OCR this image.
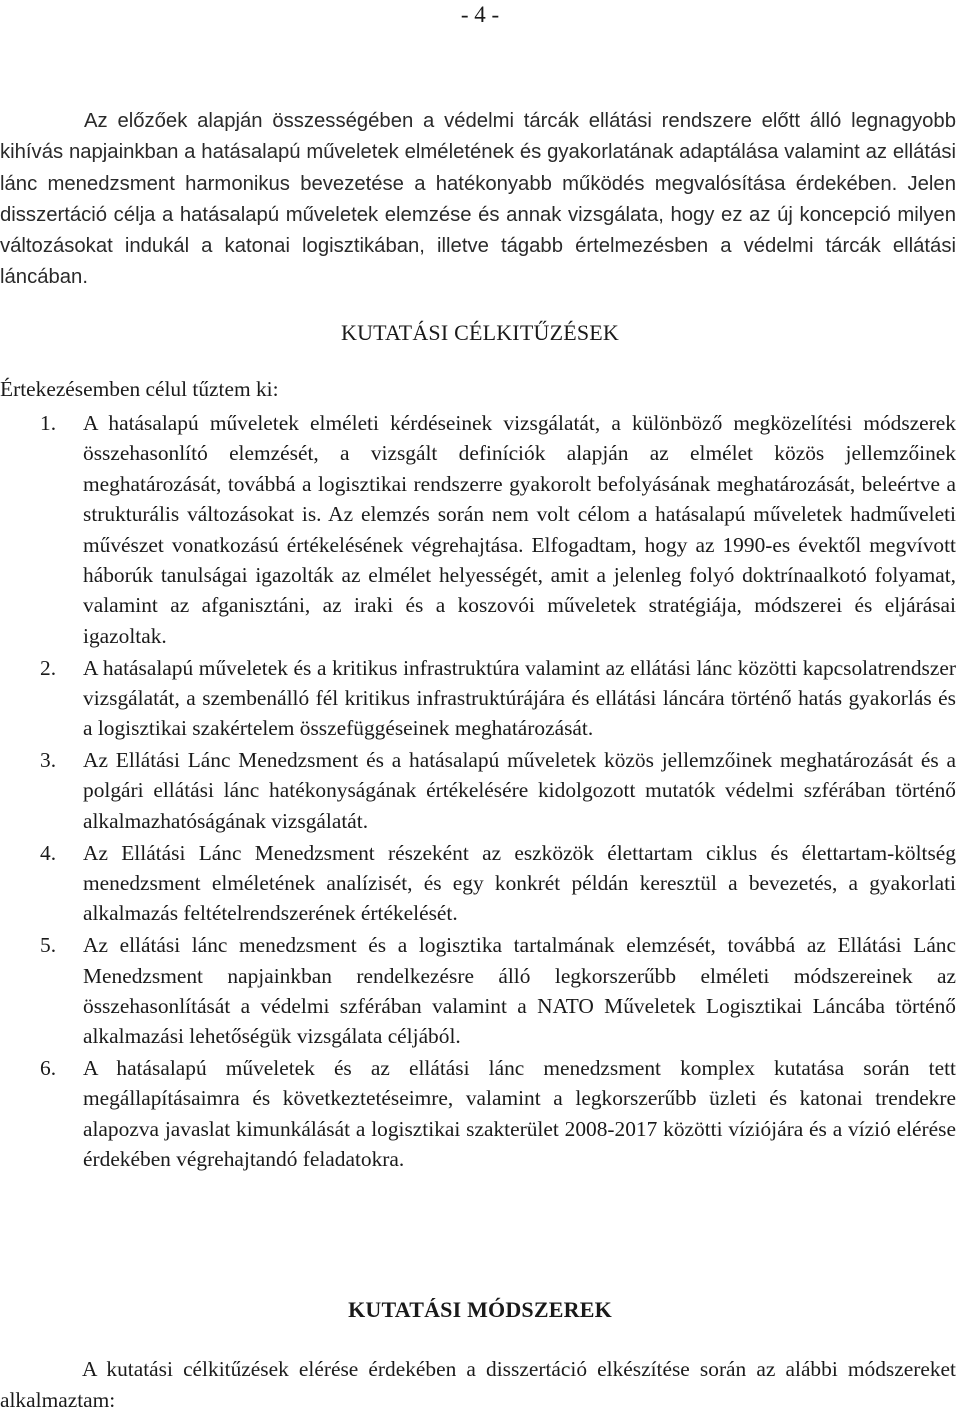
- 4 -

Az előzőek alapján összességében a védelmi tárcák ellátási rendszere előtt álló legnagyobb kihívás napjainkban a hatásalapú műveletek elméletének és gyakorlatának adaptálása valamint az ellátási lánc menedzsment harmonikus bevezetése a hatékonyabb működés megvalósítása érdekében. Jelen disszertáció célja a hatásalapú műveletek elemzése és annak vizsgálata, hogy ez az új koncepció milyen változásokat indukál a katonai logisztikában, illetve tágabb értelmezésben a védelmi tárcák ellátási láncában.

KUTATÁSI CÉLKITŰZÉSEK

Értekezésemben célul tűztem ki:

1. A hatásalapú műveletek elméleti kérdéseinek vizsgálatát, a különböző megközelítési módszerek összehasonlító elemzését, a vizsgált definíciók alapján az elmélet közös jellemzőinek meghatározását, továbbá a logisztikai rendszerre gyakorolt befolyásának meghatározását, beleértve a strukturális változásokat is. Az elemzés során nem volt célom a hatásalapú műveletek hadműveleti művészet vonatkozású értékelésének végrehajtása. Elfogadtam, hogy az 1990-es évektől megvívott háborúk tanulságai igazolták az elmélet helyességét, amit a jelenleg folyó doktrínaalkotó folyamat, valamint az afganisztáni, az iraki és a koszovói műveletek stratégiája, módszerei és eljárásai igazoltak.
2. A hatásalapú műveletek és a kritikus infrastruktúra valamint az ellátási lánc közötti kapcsolatrendszer vizsgálatát, a szembenálló fél kritikus infrastruktúrájára és ellátási láncára történő hatás gyakorlás és a logisztikai szakértelem összefüggéseinek meghatározását.
3. Az Ellátási Lánc Menedzsment és a hatásalapú műveletek közös jellemzőinek meghatározását és a polgári ellátási lánc hatékonyságának értékelésére kidolgozott mutatók védelmi szférában történő alkalmazhatóságának vizsgálatát.
4. Az Ellátási Lánc Menedzsment részeként az eszközök élettartam ciklus és élettartam-költség menedzsment elméletének analízisét, és egy konkrét példán keresztül a bevezetés, a gyakorlati alkalmazás feltételrendszerének értékelését.
5. Az ellátási lánc menedzsment és a logisztika tartalmának elemzését, továbbá az Ellátási Lánc Menedzsment napjainkban rendelkezésre álló legkorszerűbb elméleti módszereinek az összehasonlítását a védelmi szférában valamint a NATO Műveletek Logisztikai Láncába történő alkalmazási lehetőségük vizsgálata céljából.
6. A hatásalapú műveletek és az ellátási lánc menedzsment komplex kutatása során tett megállapításaimra és következtetéseimre, valamint a legkorszerűbb üzleti és katonai trendekre alapozva javaslat kimunkálását a logisztikai szakterület 2008-2017 közötti víziójára és a vízió elérése érdekében végrehajtandó feladatokra.
KUTATÁSI MÓDSZEREK

A kutatási célkitűzések elérése érdekében a disszertáció elkészítése során az alábbi módszereket alkalmaztam:
